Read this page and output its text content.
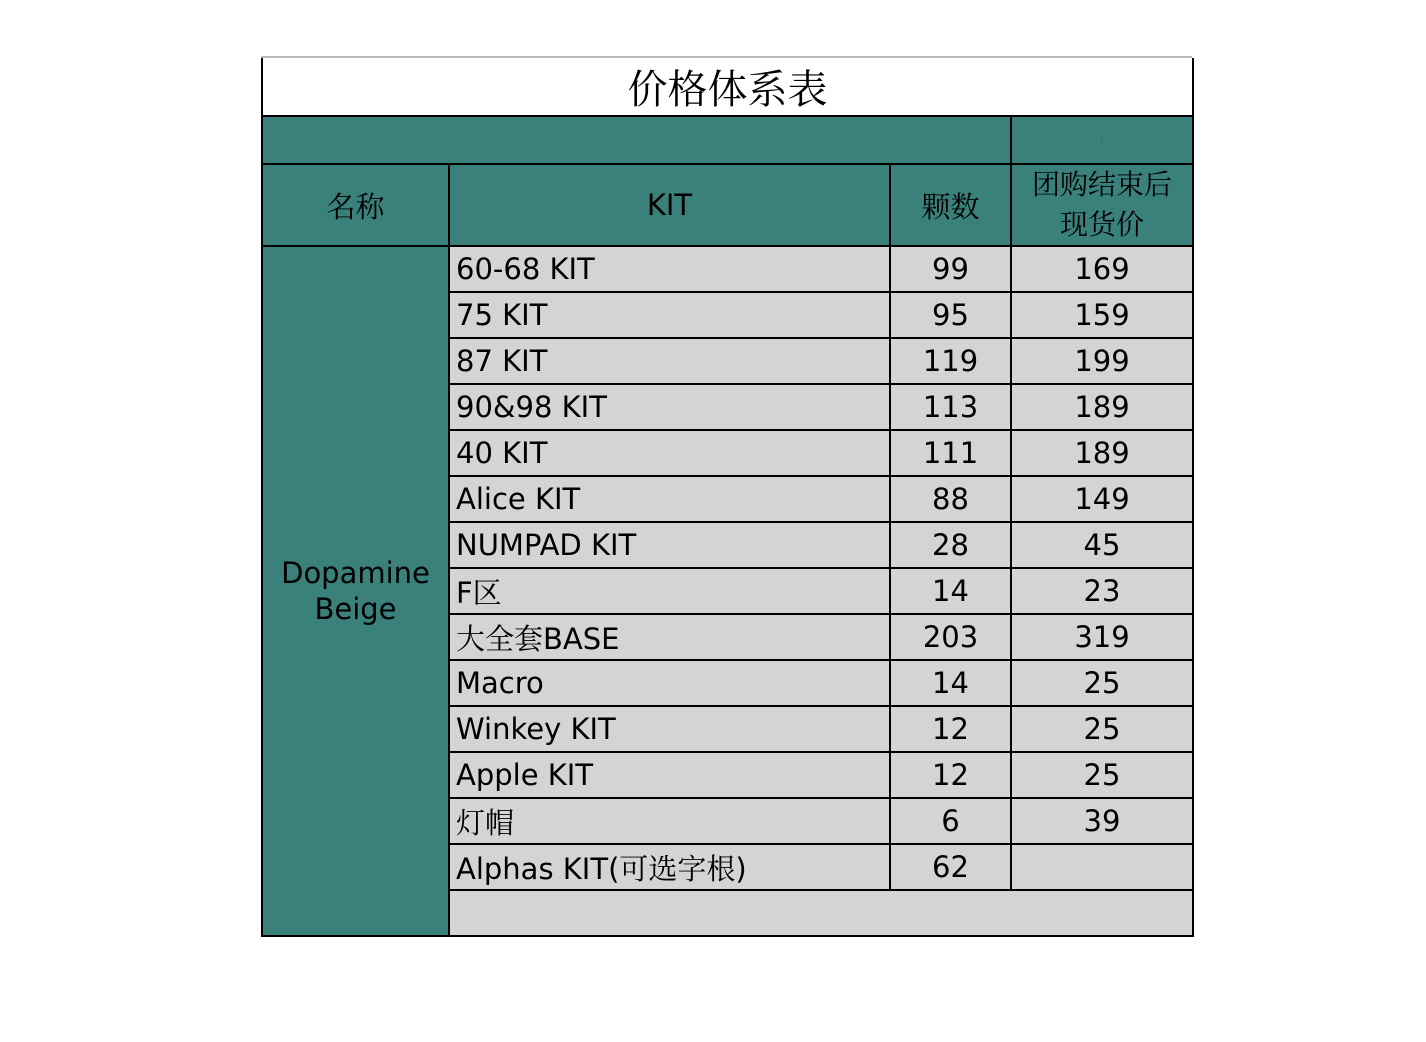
价格体系表			
			²
名称	KIT	颗数	团购结束后
现货价
Dopamine
Beige	60-68 KIT	99	169
	75 KIT	95	159
	87 KIT	119	199
	90&98 KIT	113	189
	40 KIT	111	189
	Alice KIT	88	149
	NUMPAD KIT	28	45
	F区	14	23
	大全套BASE	203	319
	Macro	14	25
	Winkey KIT	12	25
	Apple KIT	12	25
	灯帽	6	39
	Alphas KIT(可选字根)	62	
